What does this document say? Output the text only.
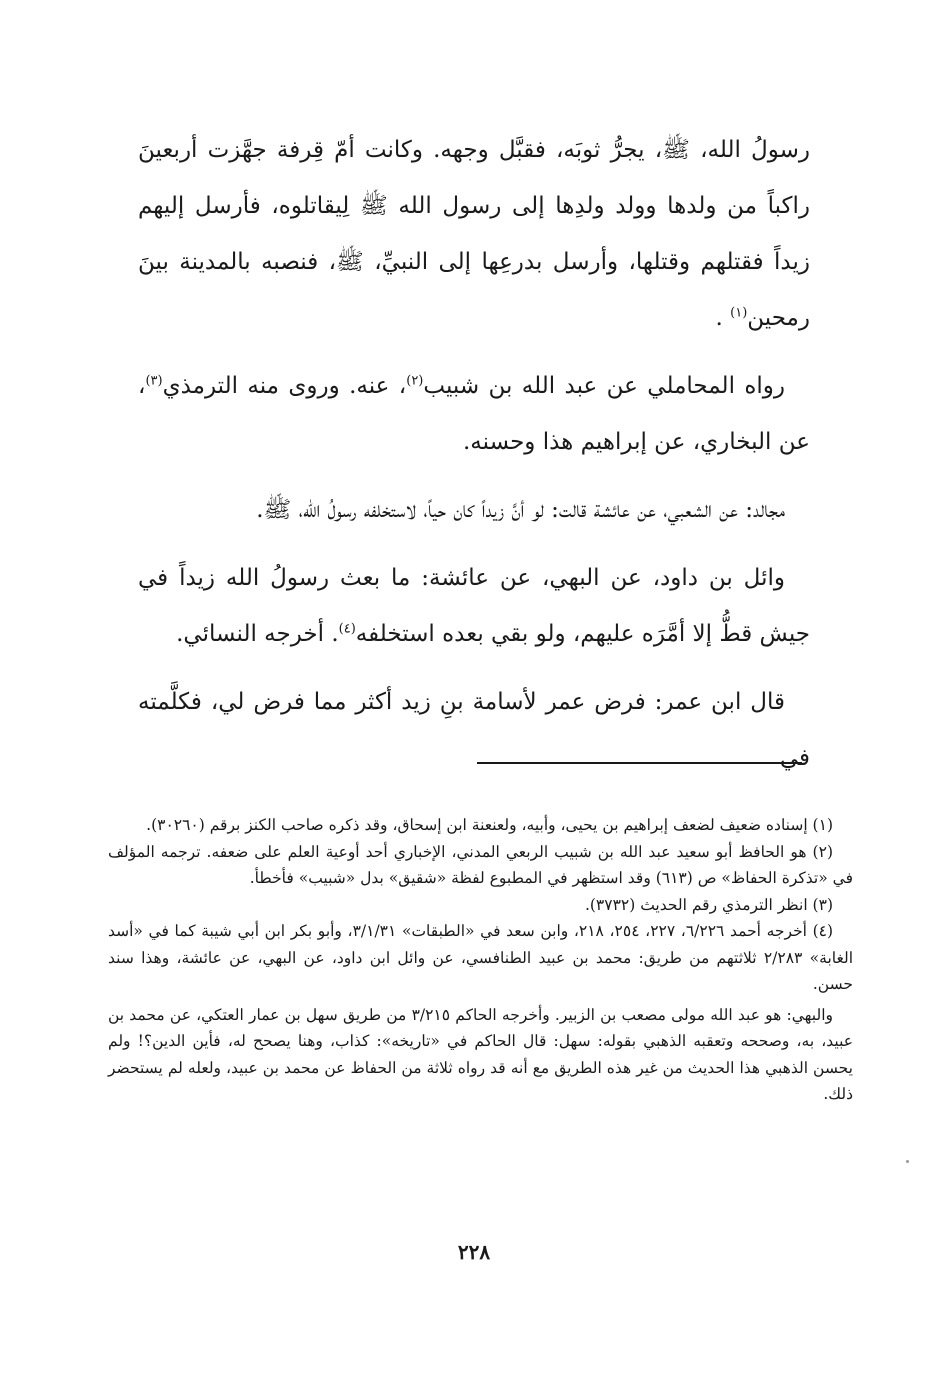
رسولُ الله، ﷺ، يجرُّ ثوبَه، فقبَّل وجهه. وكانت أمّ قِرفة جهَّزت أربعينَ راكباً من ولدها وولد ولدِها إلى رسول الله ﷺ لِيقاتلوه، فأرسل إليهم زيداً فقتلهم وقتلها، وأرسل بدرعِها إلى النبيِّ، ﷺ، فنصبه بالمدينة بينَ رمحين$^{(١)}$ .

رواه المحاملي عن عبد الله بن شبيب$^{(٢)}$، عنه. وروى منه الترمذي$^{(٣)}$، عن البخاري، عن إبراهيم هذا وحسنه.

مجالد: عن الشعبي، عن عائشة قالت: لو أنَّ زيداً كان حياً، لاستخلفه رسولُ الله، ﷺ.

وائل بن داود، عن البهي، عن عائشة: ما بعث رسولُ الله زيداً في جيش قطُّ إلا أمَّرَه عليهم، ولو بقي بعده استخلفه$^{(٤)}$. أخرجه النسائي.

قال ابن عمر: فرض عمر لأسامة بنِ زيد أكثر مما فرض لي، فكلَّمته في

(١) إسناده ضعيف لضعف إبراهيم بن يحيى، وأبيه، ولعنعنة ابن إسحاق، وقد ذكره صاحب الكنز برقم (٣٠٢٦٠).

(٢) هو الحافظ أبو سعيد عبد الله بن شبيب الربعي المدني، الإخباري أحد أوعية العلم على ضعفه. ترجمه المؤلف في «تذكرة الحفاظ» ص (٦١٣) وقد استظهر في المطبوع لفظة «شقيق» بدل «شبيب» فأخطأ.

(٣) انظر الترمذي رقم الحديث (٣٧٣٢).

(٤) أخرجه أحمد ٦/٢٢٦، ٢٢٧، ٢٥٤، ٢١٨، وابن سعد في «الطبقات» ٣/١/٣١، وأبو بكر ابن أبي شيبة كما في «أسد الغابة» ٢/٢٨٣ ثلاثتهم من طريق: محمد بن عبيد الطنافسي، عن وائل ابن داود، عن البهي، عن عائشة، وهذا سند حسن.

والبهي: هو عبد الله مولى مصعب بن الزبير. وأخرجه الحاكم ٣/٢١٥ من طريق سهل بن عمار العتكي، عن محمد بن عبيد، به، وصححه وتعقبه الذهبي بقوله: سهل: قال الحاكم في «تاريخه»: كذاب، وهنا يصحح له، فأين الدين؟! ولم يحسن الذهبي هذا الحديث من غير هذه الطريق مع أنه قد رواه ثلاثة من الحفاظ عن محمد بن عبيد، ولعله لم يستحضر ذلك.

٢٢٨
